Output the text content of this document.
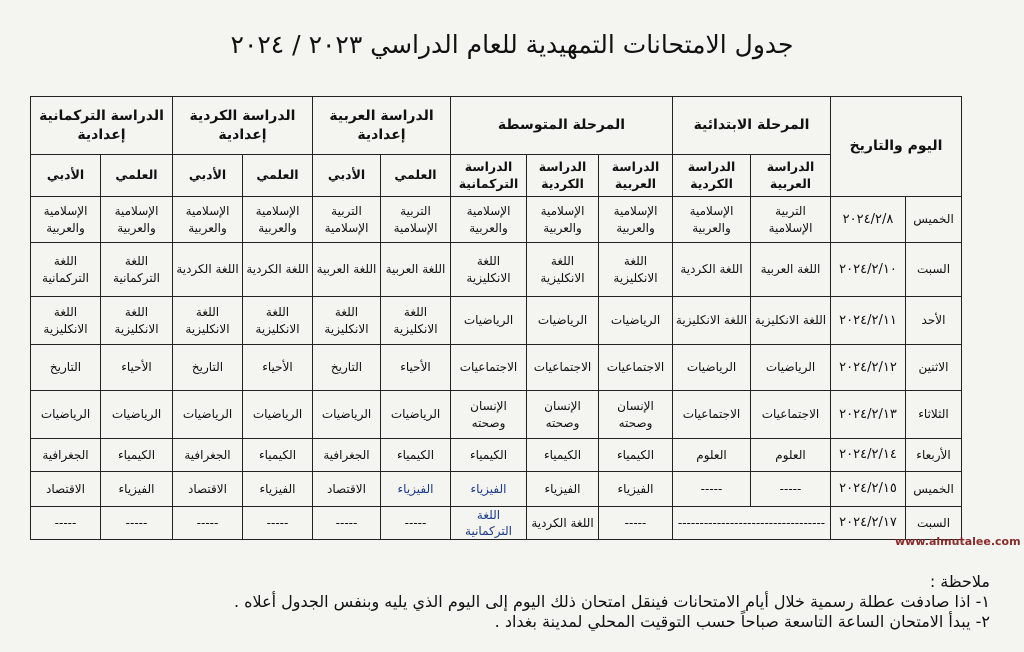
جدول الامتحانات التمهيدية للعام الدراسي ٢٠٢٣ / ٢٠٢٤
اليوم والتاريخ		المرحلة الابتدائية		المرحلة المتوسطة			الدراسة العربية إعدادية		الدراسة الكردية إعدادية		الدراسة التركمانية إعدادية	
		الدراسة العربية	الدراسة الكردية	الدراسة العربية	الدراسة الكردية	الدراسة التركمانية	العلمي	الأدبي	العلمي	الأدبي	العلمي	الأدبي
الخميس	٢٠٢٤/٢/٨	التربية الإسلامية	الإسلامية والعربية	الإسلامية والعربية	الإسلامية والعربية	الإسلامية والعربية	التربية الإسلامية	التربية الإسلامية	الإسلامية والعربية	الإسلامية والعربية	الإسلامية والعربية	الإسلامية والعربية
السبت	٢٠٢٤/٢/١٠	اللغة العربية	اللغة الكردية	اللغة الانكليزية	اللغة الانكليزية	اللغة الانكليزية	اللغة العربية	اللغة العربية	اللغة الكردية	اللغة الكردية	اللغة التركمانية	اللغة التركمانية
الأحد	٢٠٢٤/٢/١١	اللغة الانكليزية	اللغة الانكليزية	الرياضيات	الرياضيات	الرياضيات	اللغة الانكليزية	اللغة الانكليزية	اللغة الانكليزية	اللغة الانكليزية	اللغة الانكليزية	اللغة الانكليزية
الاثنين	٢٠٢٤/٢/١٢	الرياضيات	الرياضيات	الاجتماعيات	الاجتماعيات	الاجتماعيات	الأحياء	التاريخ	الأحياء	التاريخ	الأحياء	التاريخ
الثلاثاء	٢٠٢٤/٢/١٣	الاجتماعيات	الاجتماعيات	الإنسان وصحته	الإنسان وصحته	الإنسان وصحته	الرياضيات	الرياضيات	الرياضيات	الرياضيات	الرياضيات	الرياضيات
الأربعاء	٢٠٢٤/٢/١٤	العلوم	العلوم	الكيمياء	الكيمياء	الكيمياء	الكيمياء	الجغرافية	الكيمياء	الجغرافية	الكيمياء	الجغرافية
الخميس	٢٠٢٤/٢/١٥	-----	-----	الفيزياء	الفيزياء	الفيزياء	الفيزياء	الاقتصاد	الفيزياء	الاقتصاد	الفيزياء	الاقتصاد
السبت	٢٠٢٤/٢/١٧	----------------------------------		-----	اللغة الكردية	اللغة التركمانية	-----	-----	-----	-----	-----	-----
www.almutalee.com
ملاحظة :
١- اذا صادفت عطلة رسمية خلال أيام الامتحانات فينقل امتحان ذلك اليوم إلى اليوم الذي يليه وبنفس الجدول أعلاه .
٢- يبدأ الامتحان الساعة التاسعة صباحاً حسب التوقيت المحلي لمدينة بغداد .
